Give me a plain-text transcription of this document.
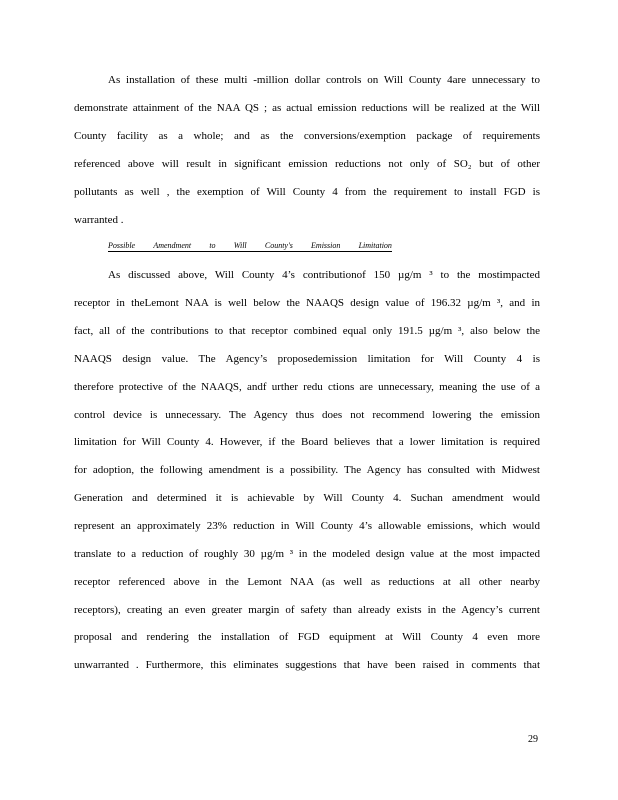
As installation of these multi -million dollar controls on Will County 4are unnecessary to
demonstrate attainment of the NAA QS ; as actual emission reductions will be realized at the Will
County facility as a whole; and as the conversions/exemption package of requirements
referenced above will result in significant emission reductions not only of SO₂ but of other
pollutants as well , the exemption of Will County 4 from the requirement to install FGD is
warranted .
Possible Amendment to Will County's Emission Limitation
As discussed above, Will County 4’s contributionof 150 µg/m ³ to the mostimpacted
receptor in theLemont NAA is well below the NAAQS design value of 196.32 µg/m ³, and in
fact, all of the contributions to that receptor combined equal only 191.5 µg/m ³, also below the
NAAQS design value. The Agency’s proposedemission limitation for Will County 4 is
therefore protective of the NAAQS, andf urther redu ctions are unnecessary, meaning the use of a
control device is unnecessary. The Agency thus does not recommend lowering the emission
limitation for Will County 4. However, if the Board believes that a lower limitation is required
for adoption, the following amendment is a possibility. The Agency has consulted with Midwest
Generation and determined it is achievable by Will County 4. Suchan amendment would
represent an approximately 23% reduction in Will County 4’s allowable emissions, which would
translate to a reduction of roughly 30 µg/m ³ in the modeled design value at the most impacted
receptor referenced above in the Lemont NAA (as well as reductions at all other nearby
receptors), creating an even greater margin of safety than already exists in the Agency’s current
proposal and rendering the installation of FGD equipment at Will County 4 even more
unwarranted . Furthermore, this eliminates suggestions that have been raised in comments that
29
